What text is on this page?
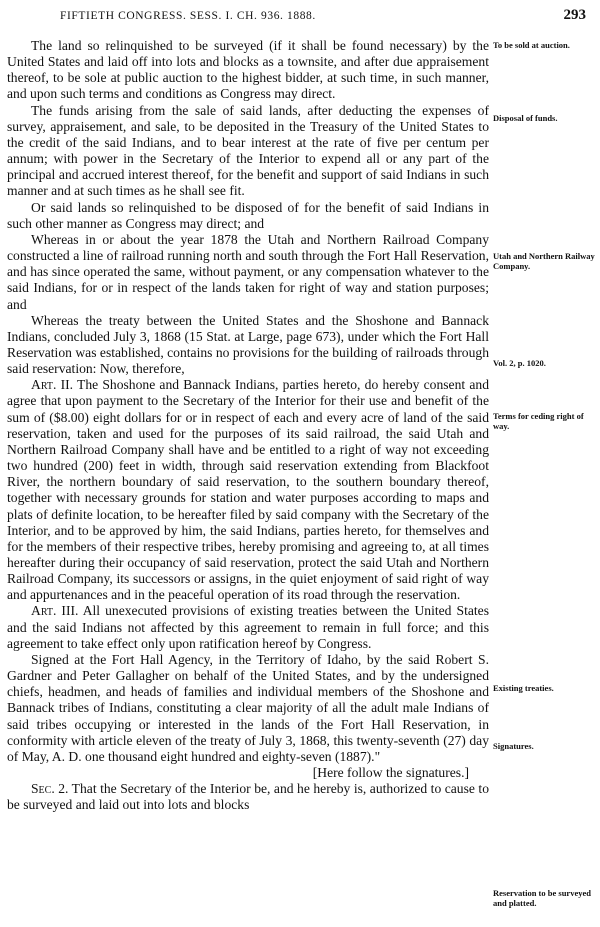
FIFTIETH CONGRESS. SESS. I. CH. 936. 1888.	293

The land so relinquished to be surveyed (if it shall be found necessary) by the United States and laid off into lots and blocks as a townsite, and after due appraisement thereof, to be sole at public auction to the highest bidder, at such time, in such manner, and upon such terms and conditions as Congress may direct.

The funds arising from the sale of said lands, after deducting the expenses of survey, appraisement, and sale, to be deposited in the Treasury of the United States to the credit of the said Indians, and to bear interest at the rate of five per centum per annum; with power in the Secretary of the Interior to expend all or any part of the principal and accrued interest thereof, for the benefit and support of said Indians in such manner and at such times as he shall see fit.

Or said lands so relinquished to be disposed of for the benefit of said Indians in such other manner as Congress may direct; and

Whereas in or about the year 1878 the Utah and Northern Railroad Company constructed a line of railroad running north and south through the Fort Hall Reservation, and has since operated the same, without payment, or any compensation whatever to the said Indians, for or in respect of the lands taken for right of way and station purposes; and

Whereas the treaty between the United States and the Shoshone and Bannack Indians, concluded July 3, 1868 (15 Stat. at Large, page 673), under which the Fort Hall Reservation was established, contains no provisions for the building of railroads through said reservation: Now, therefore,

Art. II. The Shoshone and Bannack Indians, parties hereto, do hereby consent and agree that upon payment to the Secretary of the Interior for their use and benefit of the sum of ($8.00) eight dollars for or in respect of each and every acre of land of the said reservation, taken and used for the purposes of its said railroad, the said Utah and Northern Railroad Company shall have and be entitled to a right of way not exceeding two hundred (200) feet in width, through said reservation extending from Blackfoot River, the northern boundary of said reservation, to the southern boundary thereof, together with necessary grounds for station and water purposes according to maps and plats of definite location, to be hereafter filed by said company with the Secretary of the Interior, and to be approved by him, the said Indians, parties hereto, for themselves and for the members of their respective tribes, hereby promising and agreeing to, at all times hereafter during their occupancy of said reservation, protect the said Utah and Northern Railroad Company, its successors or assigns, in the quiet enjoyment of said right of way and appurtenances and in the peaceful operation of its road through the reservation.

Art. III. All unexecuted provisions of existing treaties between the United States and the said Indians not affected by this agreement to remain in full force; and this agreement to take effect only upon ratification hereof by Congress.

Signed at the Fort Hall Agency, in the Territory of Idaho, by the said Robert S. Gardner and Peter Gallagher on behalf of the United States, and by the undersigned chiefs, headmen, and heads of families and individual members of the Shoshone and Bannack tribes of Indians, constituting a clear majority of all the adult male Indians of said tribes occupying or interested in the lands of the Fort Hall Reservation, in conformity with article eleven of the treaty of July 3, 1868, this twenty-seventh (27) day of May, A. D. one thousand eight hundred and eighty-seven (1887)."

[Here follow the signatures.]

Sec. 2. That the Secretary of the Interior be, and he hereby is, authorized to cause to be surveyed and laid out into lots and blocks

To be sold at auction.
Disposal of funds.
Utah and Northern Railway Company.
Vol. 2, p. 1020.
Terms for ceding right of way.
Existing treaties.
Signatures.
Reservation to be surveyed and platted.
